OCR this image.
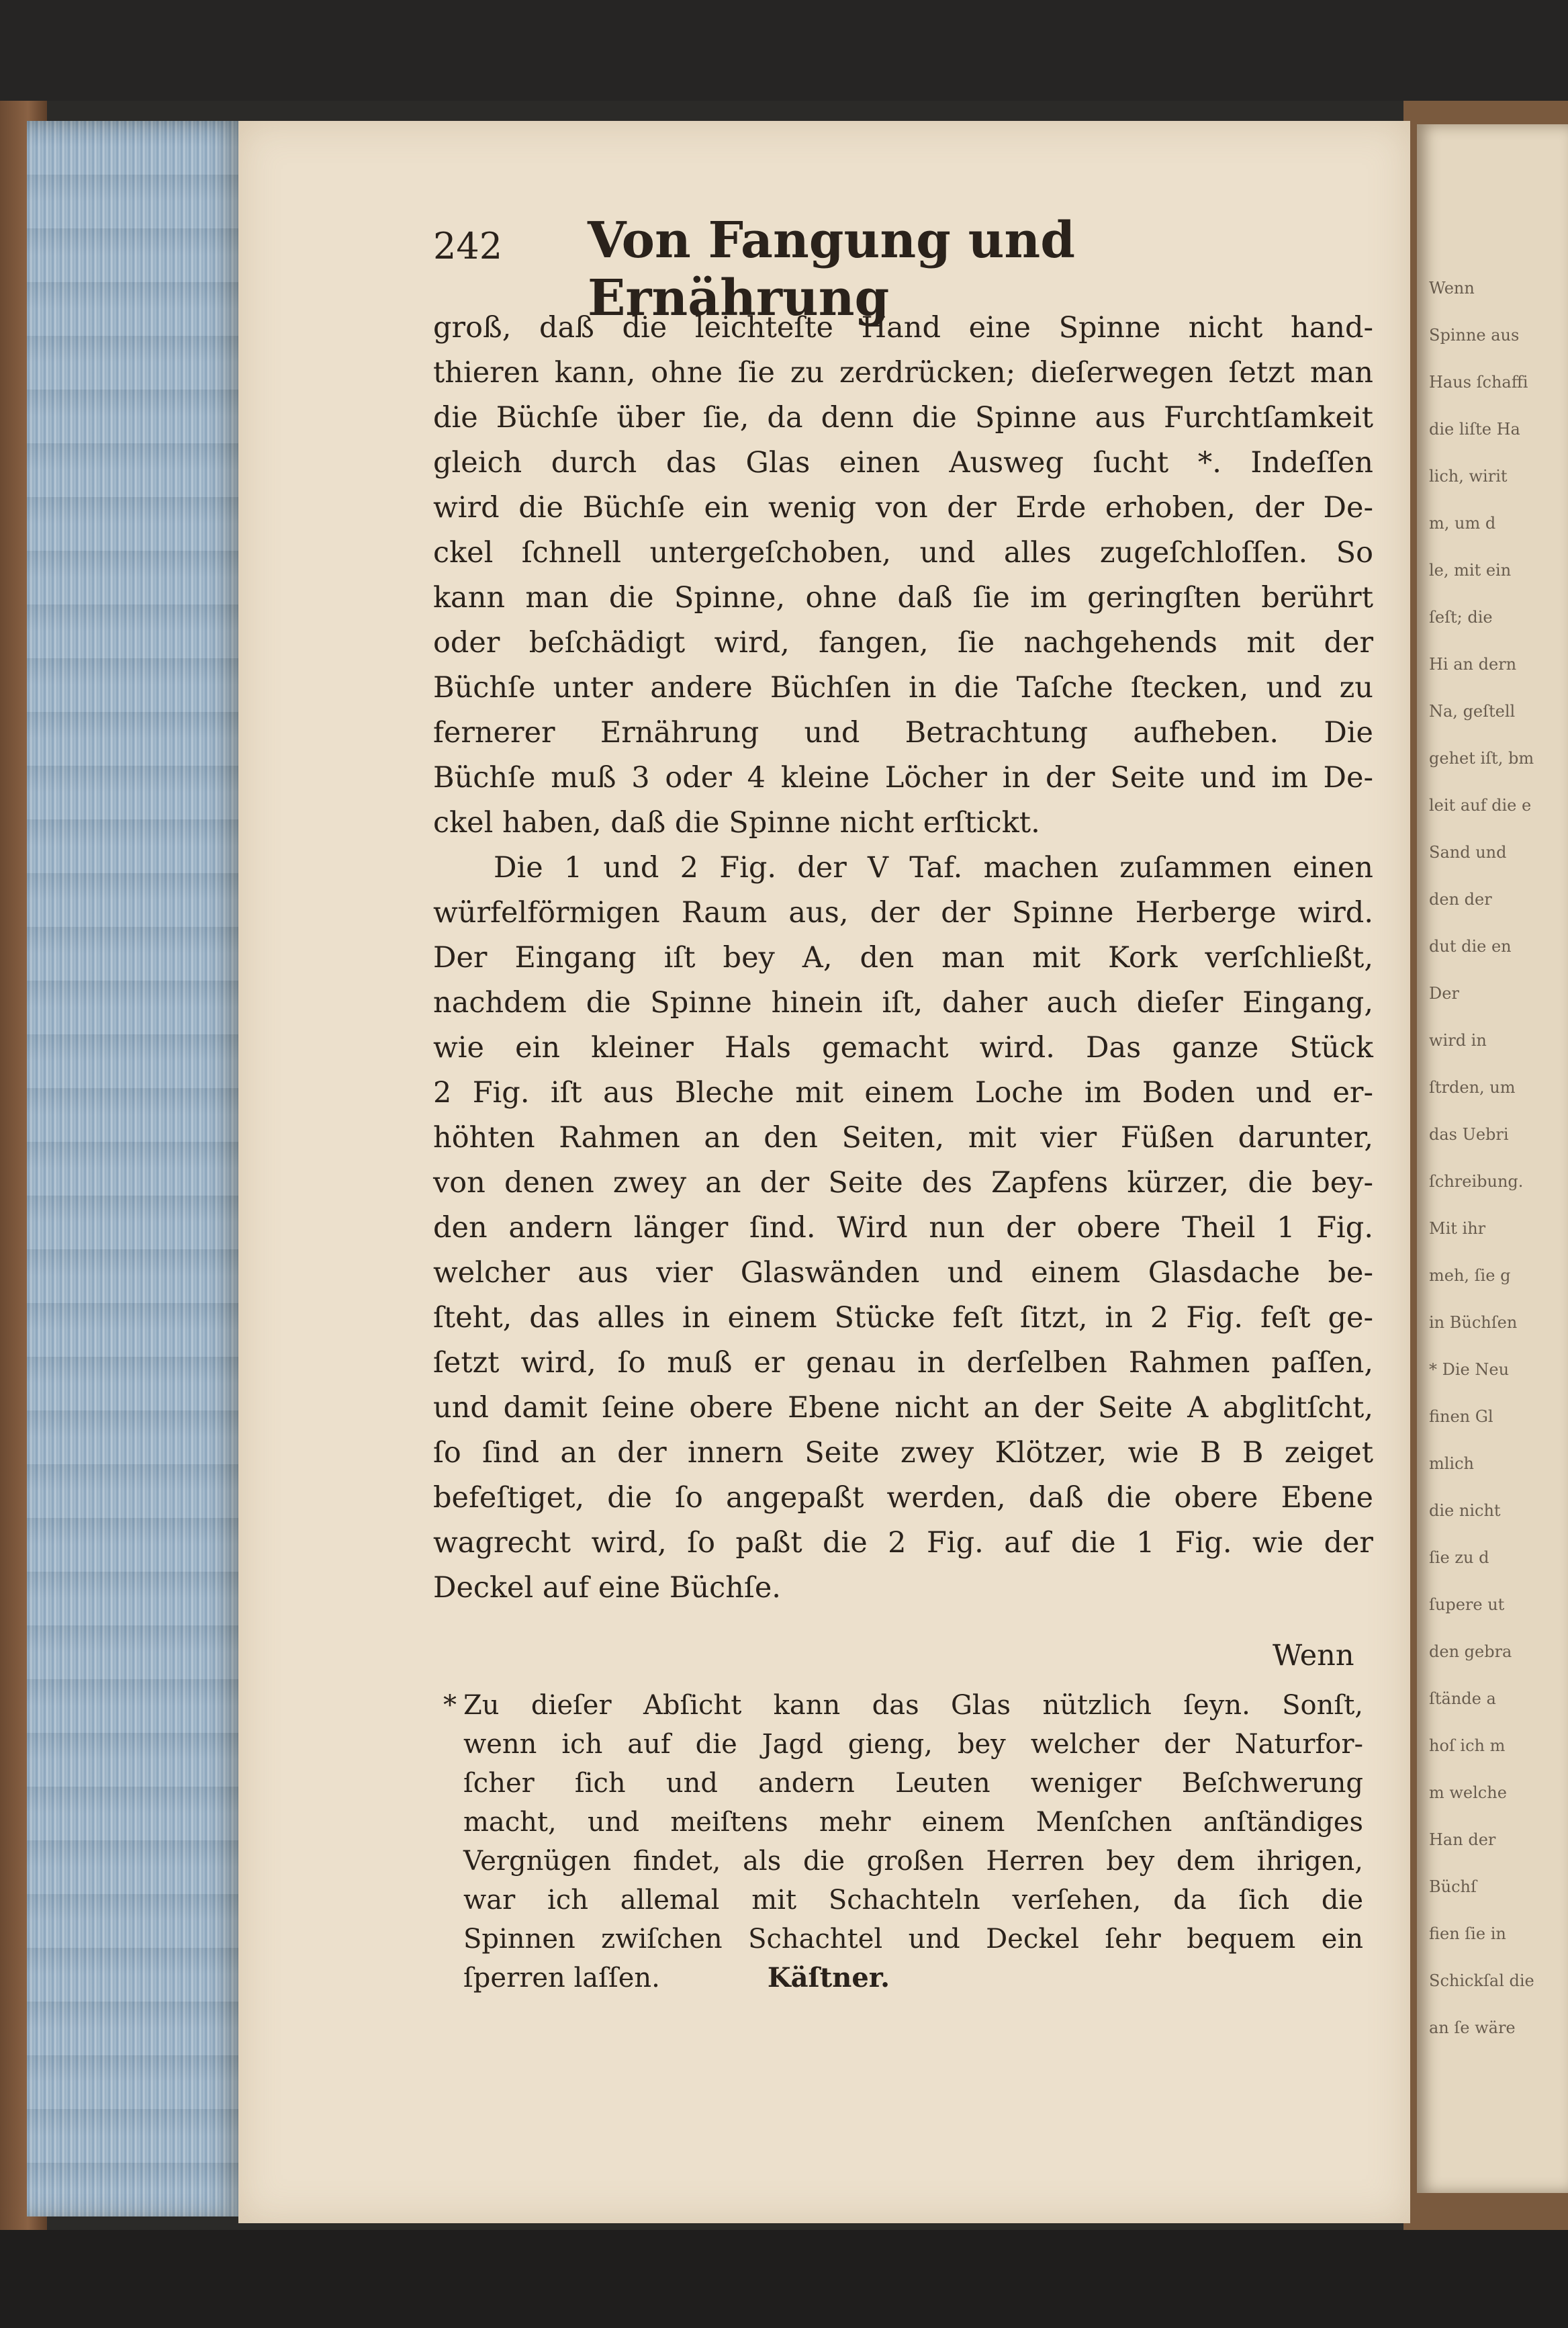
Wenn
Spinne aus
Haus ſchaffi
die liſte Ha
lich, wirit
m, um d
le, mit ein
ſeſt; die
Hi an dern
Na, geſtell
gehet iſt, bm
leit auf die e
Sand und
den der
dut die en
Der
wird in
ſtrden, um
das Uebri
ſchreibung.
Mit ihr
meh, ſie g
in Büchſen
* Die Neu
finen Gl
mlich
die nicht
ſie zu d
ſupere ut
den gebra
ſtände a
hoſ ich m
m welche
Han der
Büchſ
fien ſie in
Schickſal die
an ſe wäre
242 Von Fangung und Ernährung
groß, daß die leichteſte Hand eine Spinne nicht hand-
thieren kann, ohne ſie zu zerdrücken; dieſerwegen ſetzt man
die Büchſe über ſie, da denn die Spinne aus Furchtſamkeit
gleich durch das Glas einen Ausweg ſucht *. Indeſſen
wird die Büchſe ein wenig von der Erde erhoben, der De-
ckel ſchnell untergeſchoben, und alles zugeſchloſſen. So
kann man die Spinne, ohne daß ſie im geringſten berührt
oder beſchädigt wird, fangen, ſie nachgehends mit der
Büchſe unter andere Büchſen in die Taſche ſtecken, und zu
fernerer Ernährung und Betrachtung aufheben. Die
Büchſe muß 3 oder 4 kleine Löcher in der Seite und im De-
ckel haben, daß die Spinne nicht erſtickt.
Die 1 und 2 Fig. der V Taf. machen zuſammen einen
würfelförmigen Raum aus, der der Spinne Herberge wird.
Der Eingang iſt bey A, den man mit Kork verſchließt,
nachdem die Spinne hinein iſt, daher auch dieſer Eingang,
wie ein kleiner Hals gemacht wird. Das ganze Stück
2 Fig. iſt aus Bleche mit einem Loche im Boden und er-
höhten Rahmen an den Seiten, mit vier Füßen darunter,
von denen zwey an der Seite des Zapfens kürzer, die bey-
den andern länger ſind. Wird nun der obere Theil 1 Fig.
welcher aus vier Glaswänden und einem Glasdache be-
ſteht, das alles in einem Stücke feſt ſitzt, in 2 Fig. feſt ge-
ſetzt wird, ſo muß er genau in derſelben Rahmen paſſen,
und damit ſeine obere Ebene nicht an der Seite A abglitſcht,
ſo ſind an der innern Seite zwey Klötzer, wie B B zeiget
befeſtiget, die ſo angepaßt werden, daß die obere Ebene
wagrecht wird, ſo paßt die 2 Fig. auf die 1 Fig. wie der
Deckel auf eine Büchſe.
Wenn
* Zu dieſer Abſicht kann das Glas nützlich ſeyn. Sonſt,
wenn ich auf die Jagd gieng, bey welcher der Naturfor-
ſcher ſich und andern Leuten weniger Beſchwerung
macht, und meiſtens mehr einem Menſchen anſtändiges
Vergnügen findet, als die großen Herren bey dem ihrigen,
war ich allemal mit Schachteln verſehen, da ſich die
Spinnen zwiſchen Schachtel und Deckel ſehr bequem ein
ſperren laſſen.	Käſtner.
